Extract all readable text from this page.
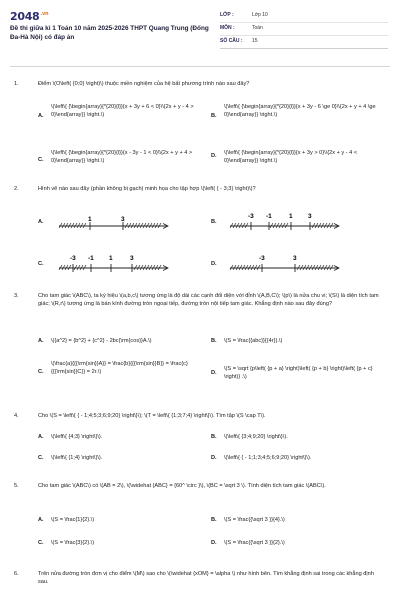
$2048^{.vn}$
Đề thi giữa kì 1 Toán 10 năm 2025-2026 THPT Quang Trung (Đống Đa-Hà Nội) có đáp án
LỚP :	Lớp 10
MÔN :	Toán
SỐ CÂU :	15
1.	Điểm \(O\left( {0;0} \right)\) thuộc miền nghiệm của hệ bất phương trình nào sau đây?
A.
\(\left\{ {\begin{array}{*{20}{l}}{x + 3y + 6 < 0}\\{2x + y - 4 > 0}\end{array}} \right.\)	B.
\(\left\{ {\begin{array}{*{20}{l}}{x + 3y - 6 \ge 0}\\{2x + y + 4 \ge 0}\end{array}} \right.\)
C.
\(\left\{ {\begin{array}{*{20}{l}}{x - 3y - 1 < 0}\\{2x + y + 4 > 0}\end{array}} \right.\)
D. \(\left\{ {\begin{array}{*{20}{l}}{x + 3y > 0}\\{2x + y - 4 < 0}\end{array}} \right.\)
2.	Hình vẽ nào sau đây (phần không bị gạch) minh họa cho tập hợp \(\left( { - 3;3} \right)\)?
A.	1	3	B.
-3 -1	1 3
C.
-3 -1 1	3
D.
-3	3
3.	Cho tam giác \(ABC\), ta ký hiệu \(a,b,c\) tương ứng là độ dài các cạnh đối diện với đỉnh \(A,B,C\); \(p\) là nửa chu vi; \(S\) là diện tích tam giác; \(R,r\) tương ứng là bán kính đường tròn ngoại tiếp, đường tròn nội tiếp tam giác. Khẳng định nào sau đây đúng?
A. \({a^2} = {b^2} + {c^2} - 2bc{\rm{cos}}A.\)	B. \(S = \frac{{abc}}{{4r}}.\)
C.
\(\frac{a}{{{\rm{sin}}A}} = \frac{b}{{{\rm{sin}}B}} = \frac{c}{{{\rm{sin}}C}} = 2r.\)	D.
\(S = \sqrt {p\left( {p + a} \right)\left( {p + b} \right)\left( {p + c} \right)} .\)
4.	Cho \(S = \left\{ { - 1;4;5;3;6;9;20} \right\}\); \(T = \left\{ {1;3;7;4} \right\}\). Tìm tập \(S \cap T\).
A. \(\left\{ {4;3} \right\}\).	B. \(\left\{ {3;4;9;20} \right\}\).
C. \(\left\{ {1;4} \right\}\).	D. \(\left\{ { - 1;1;3;4;5;6;9;20} \right\}\).
5.	Cho tam giác \(ABC\) có \(AB = 2\), \(\widehat {ABC} = {60^ \circ }\), \(BC = \sqrt 3 \). Tính diện tích tam giác \(ABC\).
A. \(S = \frac{1}{2}.\)	B. \(S = \frac{{\sqrt 3 }}{4}.\)
C. \(S = \frac{3}{2}.\)	D. \(S = \frac{{\sqrt 3 }}{2}.\)
6.	Trên nửa đường tròn đơn vị cho điểm \(M\) sao cho \(\widehat {xOM} = \alpha \) như hình bên. Tìm khẳng định sai trong các khẳng định sau.
